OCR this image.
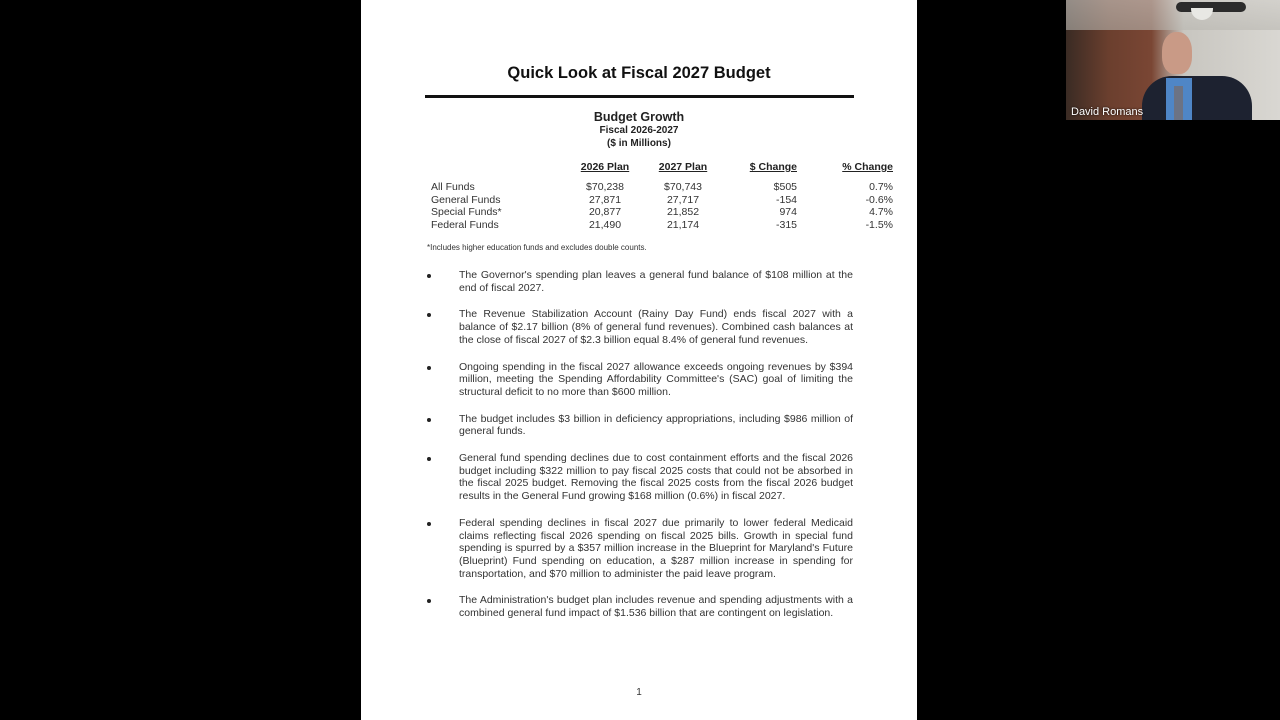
Quick Look at Fiscal 2027 Budget
Budget Growth
Fiscal 2026-2027
($ in Millions)
	2026 Plan	2027 Plan	$ Change	% Change
All Funds	$70,238	$70,743	$505	0.7%
General Funds	27,871	27,717	-154	-0.6%
Special Funds*	20,877	21,852	974	4.7%
Federal Funds	21,490	21,174	-315	-1.5%
*Includes higher education funds and excludes double counts.
The Governor's spending plan leaves a general fund balance of $108 million at the end of fiscal 2027.
The Revenue Stabilization Account (Rainy Day Fund) ends fiscal 2027 with a balance of $2.17 billion (8% of general fund revenues). Combined cash balances at the close of fiscal 2027 of $2.3 billion equal 8.4% of general fund revenues.
Ongoing spending in the fiscal 2027 allowance exceeds ongoing revenues by $394 million, meeting the Spending Affordability Committee's (SAC) goal of limiting the structural deficit to no more than $600 million.
The budget includes $3 billion in deficiency appropriations, including $986 million of general funds.
General fund spending declines due to cost containment efforts and the fiscal 2026 budget including $322 million to pay fiscal 2025 costs that could not be absorbed in the fiscal 2025 budget. Removing the fiscal 2025 costs from the fiscal 2026 budget results in the General Fund growing $168 million (0.6%) in fiscal 2027.
Federal spending declines in fiscal 2027 due primarily to lower federal Medicaid claims reflecting fiscal 2026 spending on fiscal 2025 bills. Growth in special fund spending is spurred by a $357 million increase in the Blueprint for Maryland's Future (Blueprint) Fund spending on education, a $287 million increase in spending for transportation, and $70 million to administer the paid leave program.
The Administration's budget plan includes revenue and spending adjustments with a combined general fund impact of $1.536 billion that are contingent on legislation.
1
David Romans
